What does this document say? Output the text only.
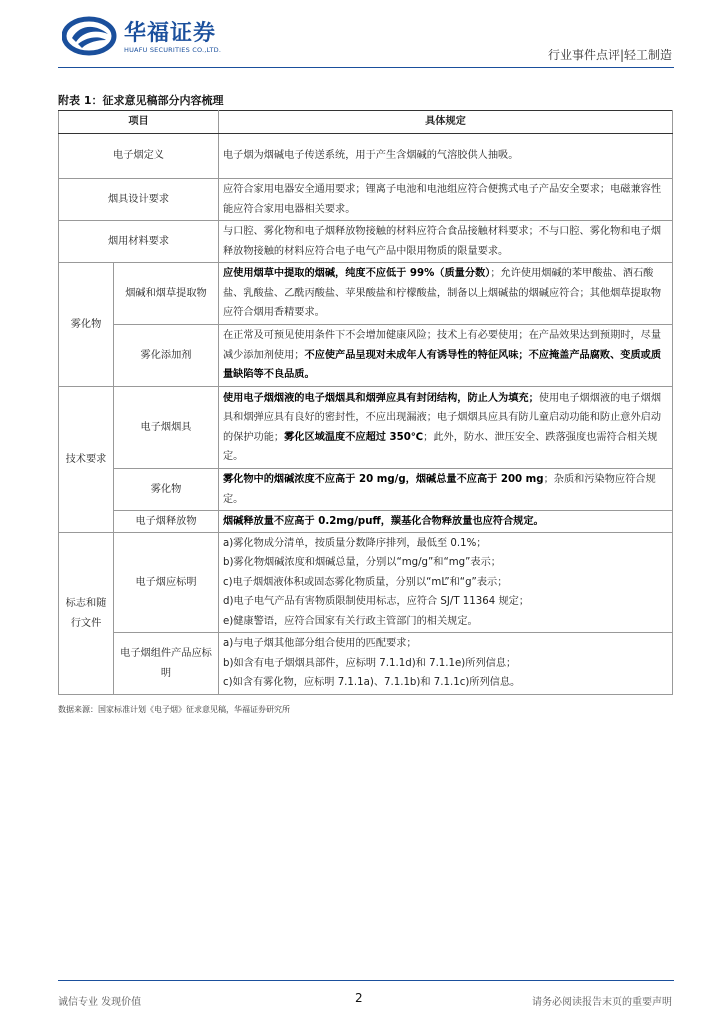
华福证券
HUAFU SECURITIES CO.,LTD.	行业事件点评|轻工制造
附表 1：征求意见稿部分内容梳理
项目		具体规定
电子烟定义		电子烟为烟碱电子传送系统，用于产生含烟碱的气溶胶供人抽吸。
烟具设计要求		应符合家用电器安全通用要求；锂离子电池和电池组应符合便携式电子产品安全要求；电磁兼容性能应符合家用电器相关要求。
烟用材料要求		与口腔、雾化物和电子烟释放物接触的材料应符合食品接触材料要求；不与口腔、雾化物和电子烟释放物接触的材料应符合电子电气产品中限用物质的限量要求。
雾化物	烟碱和烟草提取物	应使用烟草中提取的烟碱，纯度不应低于 99%（质量分数）；允许使用烟碱的苯甲酸盐、酒石酸盐、乳酸盐、乙酰丙酸盐、苹果酸盐和柠檬酸盐，制备以上烟碱盐的烟碱应符合；其他烟草提取物应符合烟用香精要求。
	雾化添加剂	在正常及可预见使用条件下不会增加健康风险；技术上有必要使用；在产品效果达到预期时，尽量减少添加剂使用；不应使产品呈现对未成年人有诱导性的特征风味；不应掩盖产品腐败、变质或质量缺陷等不良品质。
技术要求	电子烟烟具	使用电子烟烟液的电子烟烟具和烟弹应具有封闭结构，防止人为填充；使用电子烟烟液的电子烟烟具和烟弹应具有良好的密封性，不应出现漏液；电子烟烟具应具有防儿童启动功能和防止意外启动的保护功能；雾化区域温度不应超过 350℃；此外，防水、泄压安全、跌落强度也需符合相关规定。
	雾化物	雾化物中的烟碱浓度不应高于 20 mg/g，烟碱总量不应高于 200 mg；杂质和污染物应符合规定。
	电子烟释放物	烟碱释放量不应高于 0.2mg/puff，羰基化合物释放量也应符合规定。
标志和随行文件	电子烟应标明	a)雾化物成分清单，按质量分数降序排列，最低至 0.1%；
b)雾化物烟碱浓度和烟碱总量，分别以“mg/g”和“mg”表示；
c)电子烟烟液体积或固态雾化物质量，分别以“mL”和“g”表示；
d)电子电气产品有害物质限制使用标志，应符合 SJ/T 11364 规定；
e)健康警语，应符合国家有关行政主管部门的相关规定。

	电子烟组件产品应标明	a)与电子烟其他部分组合使用的匹配要求；
b)如含有电子烟烟具部件，应标明 7.1.1d)和 7.1.1e)所列信息；
c)如含有雾化物，应标明 7.1.1a)、7.1.1b)和 7.1.1c)所列信息。
数据来源：国家标准计划《电子烟》征求意见稿，华福证券研究所
诚信专业 发现价值	2	请务必阅读报告末页的重要声明
